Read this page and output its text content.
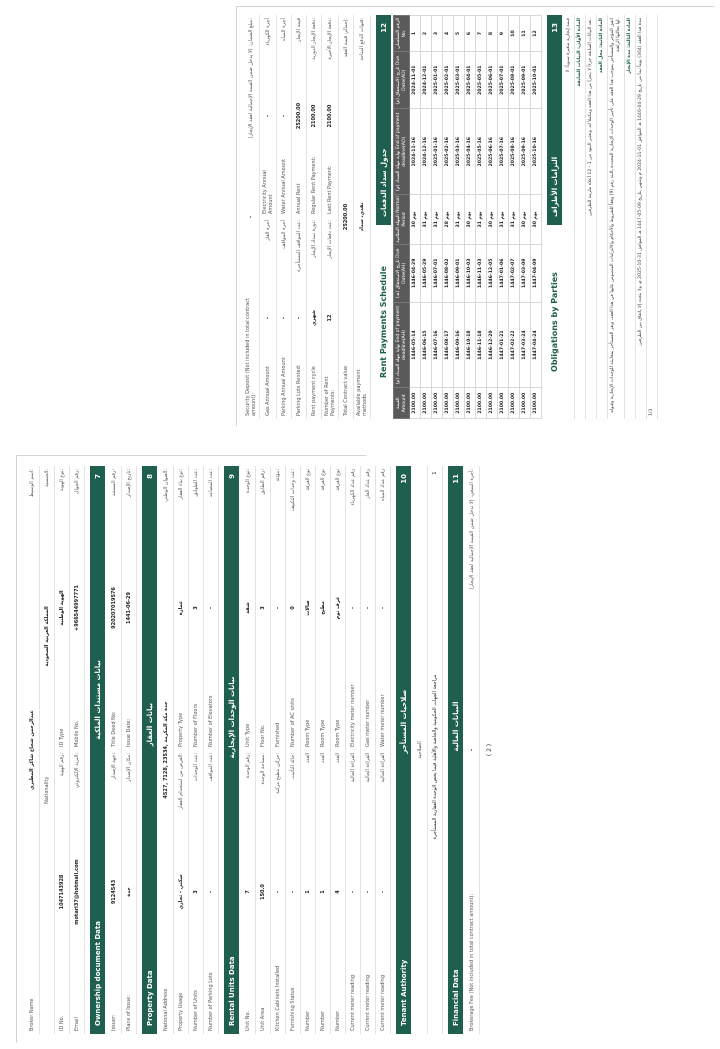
Broker Name
عبدالرحمن شحاع شاكر المطيري
اسم الوسيط:
Nationality
المملكة العربية السعودية
الجنسية:
ID No.
1047143928
رقم الهوية:
ID Type
الهوية الوطنية
نوع الهوية:
Email
motari37@hotmail.com
البريد الإلكتروني:
Mobile No.
+966544997771
رقم الجوال:
Ownership document Data
بيانات مستندات الملكية
7
Issuer:
9124543
جهة الإصدار:
Title Deed No:
920207019576
رقم المستند:
Place of Issue:
جدة
مكان الإصدار:
Issue Date:
1441-06-29
تاريخ الإصدار:
Property Data
بيانات العقار
8
National Address
4527, 7128, 23534, جدة مكة المكرمة
العنوان الوطني:
Property Usage
سكني - تجاري
الغرض من استخدام العقار:
Property Type
عمارة
نوع بناء العقار:
Number of Units
3
عدد الوحدات:
Number of Floors
3
عدد الطوابق:
Number of Parking Lots
-
عدد المواقف:
Number of Elevators
-
عدد المصاعد:
Rental Units Data
بيانات الوحدات الإيجارية
9
Unit No.
7
رقم الوحدة:
Unit Type
شقة
نوع الوحدة:
Unit Area
150.0
مساحة الوحدة:
Floor No.
3
رقم الطابق:
Kitchen Cabinets Installed
-
خزائن مطبخ مركبة:
Furnished
-
مؤثثة:
Furnishing Status
-
حالة التأثيث:
Number of AC units
0
عدد وحدات التكييف:
Number
1
العدد
Room Type
صالات
نوع الغرفة
Number
1
العدد
Room Type
مطبخ
نوع الغرفة
Number
4
العدد
Room Type
غرف نوم
نوع الغرفة
Current meter reading
-
القراءة الحالية
Electricity meter number
-
رقم عداد الكهرباء
Current meter reading
-
القراءة الحالية
Gas meter number
-
رقم عداد الغاز
Current meter reading
-
القراءة الحالية
Water meter number
-
رقم عداد المياه
Tenant Authority
صلاحيات المستأجر
10
الصلاحية	مراجعة الجهات الحكومية والخاصة والأهلية فيما يخص الوحدة العقارية المستأجرة
1
Financial Data
البيانات المالية
11
Brokerage Fee (Not included in total contract amount):
-
أجرة السعي: (لا تدخل ضمن القيمة الإجمالية لعقد الإيجار):
( 2 )
Security Deposit (Not included in total contract amount):
-
مبلغ الضمان: (لا يدخل ضمن القيمة الإجمالية لعقد الإيجار):
Gas Annual Amount
-
أجرة الغاز
Electricity Annual Amount
-
أجرة الكهرباء
Parking Annual Amount
-
أجرة المواقف
Water Annual Amount
-
أجرة المياه
Parking Lots Rented:
-
عدد المواقف المستأجرة:
Annual Rent
25200.00
قيمة الإيجار
Rent payment cycle
شهري
دورة سداد الإيجار:
Regular Rent Payment:
2100.00
دفعة الإيجار الدورية:
Number of Rent Payments:
12
عدد دفعات الإيجار:
Last Rent Payment:
2100.00
دفعة الإيجار الأخيرة:
Total Contract value
25200.00
إجمالي قيمة العقد:
Available payment methods
نقدي، سداد
قنوات الدفع المتاحة:
Rent Payments Schedule
جدول سداد الدفعات
12
القيمة Amount	نهاية مهلة السداد (م) End of payment deadline(AH)	تاريخ الاستحقاق (هـ) Due Date(AH)	المهلة النظامية Normal Period	نهاية مهلة السداد (م) End of payment deadline(AD)	تاريخ الاستحقاق (م) Due Date(AD)	الرقم التسلسلي No.
2100.00	1446-05-14	1446-04-29	30 يوم	2024-11-16	2024-11-01	1
2100.00	1446-06-15	1446-05-29	31 يوم	2024-12-16	2024-12-01	2
2100.00	1446-07-16	1446-07-01	31 يوم	2025-01-16	2025-01-01	3
2100.00	1446-08-17	1446-08-02	28 يوم	2025-02-16	2025-02-01	4
2100.00	1446-09-16	1446-09-01	31 يوم	2025-03-16	2025-03-01	5
2100.00	1446-10-18	1446-10-03	30 يوم	2025-04-16	2025-04-01	6
2100.00	1446-11-18	1446-11-03	31 يوم	2025-05-16	2025-05-01	7
2100.00	1446-12-20	1446-12-05	30 يوم	2025-06-16	2025-06-01	8
2100.00	1447-01-21	1447-01-06	31 يوم	2025-07-16	2025-07-01	9
2100.00	1447-02-22	1447-02-07	31 يوم	2025-08-16	2025-08-01	10
2100.00	1447-03-24	1447-03-09	30 يوم	2025-09-16	2025-09-01	11
2100.00	1447-04-24	1447-04-09	30 يوم	2025-10-16	2025-10-01	12
Obligations by Parties
التزامات الأطراف
13	قيمة إيجارية متغيرة سنوياً: لا	المادة الأولى: البيانات السابقة
تعد البيانات السابقة جزءاً لا يتجزأ من هذا العقد ومكملاً له، وتعتبر البنود من 1 - 12 أعلاه ملزمة للطرفين.	المادة الثانية: محل العقد
اتفق المؤجر والمستأجر بموجب هذا العقد على تأجير الوحدات الإيجارية المحددة بالبند رقم (9) وفقاً للشروط والأحكام والالتزامات المنصوص عليها في هذا العقد، ويقر المستأجر بمعاينته للوحدات الإيجارية وقبوله لها بحالتها الراهنة.	المادة الثالثة: مدة الإيجار
مدة هذا العقد (364) يوماً تبدأ من تاريخ 29-04-1446 هـ الموافق 01-11-2024 م وتنتهي بتاريخ 09-05-1447 هـ الموافق 31-10-2025 م، ولا يتجدد إلا باتفاق بين الطرفين
1/3
